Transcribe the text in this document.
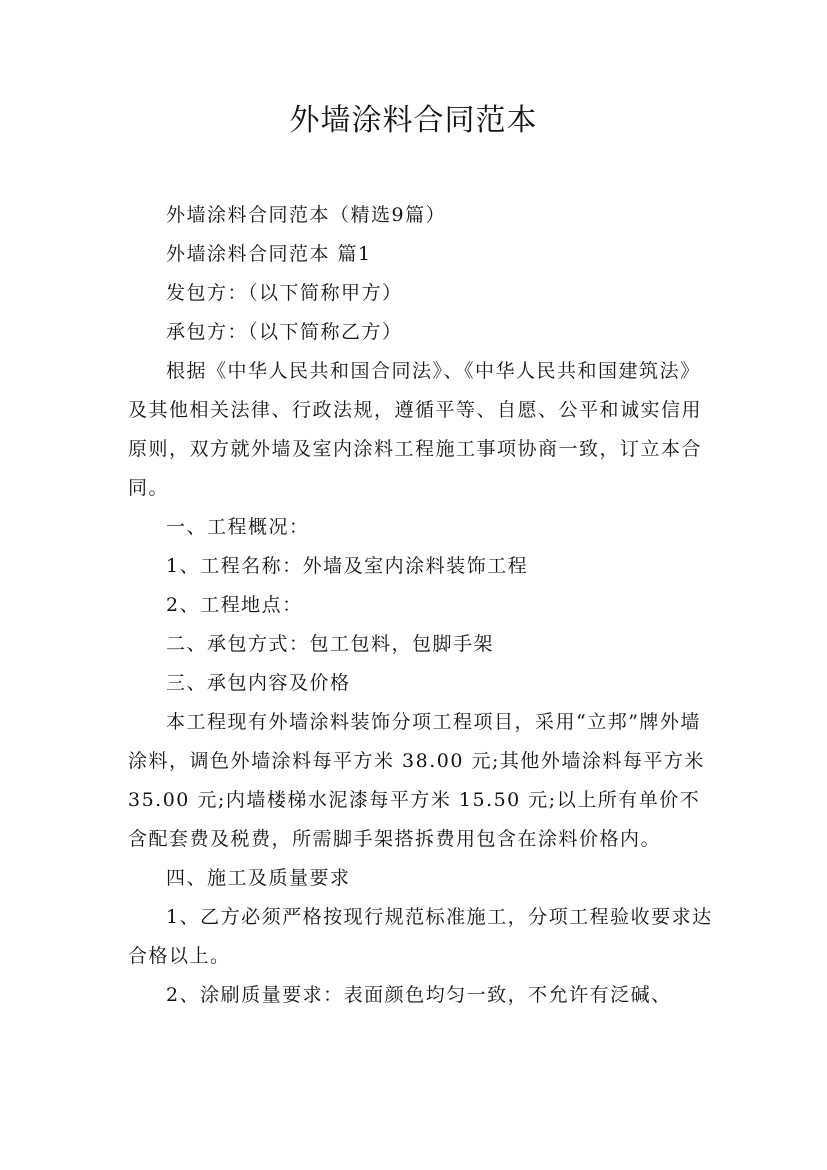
外墙涂料合同范本

外墙涂料合同范本（精选9篇）

外墙涂料合同范本 篇1

发包方：（以下简称甲方）

承包方：（以下简称乙方）

根据《中华人民共和国合同法》、《中华人民共和国建筑法》及其他相关法律、行政法规，遵循平等、自愿、公平和诚实信用原则，双方就外墙及室内涂料工程施工事项协商一致，订立本合同。

一、工程概况：

1、工程名称：外墙及室内涂料装饰工程

2、工程地点：

二、承包方式：包工包料，包脚手架

三、承包内容及价格

本工程现有外墙涂料装饰分项工程项目，采用“立邦”牌外墙涂料，调色外墙涂料每平方米 38.00 元;其他外墙涂料每平方米 35.00 元;内墙楼梯水泥漆每平方米 15.50 元;以上所有单价不含配套费及税费，所需脚手架搭拆费用包含在涂料价格内。

四、施工及质量要求

1、乙方必须严格按现行规范标准施工，分项工程验收要求达合格以上。

2、涂刷质量要求：表面颜色均匀一致，不允许有泛碱、
